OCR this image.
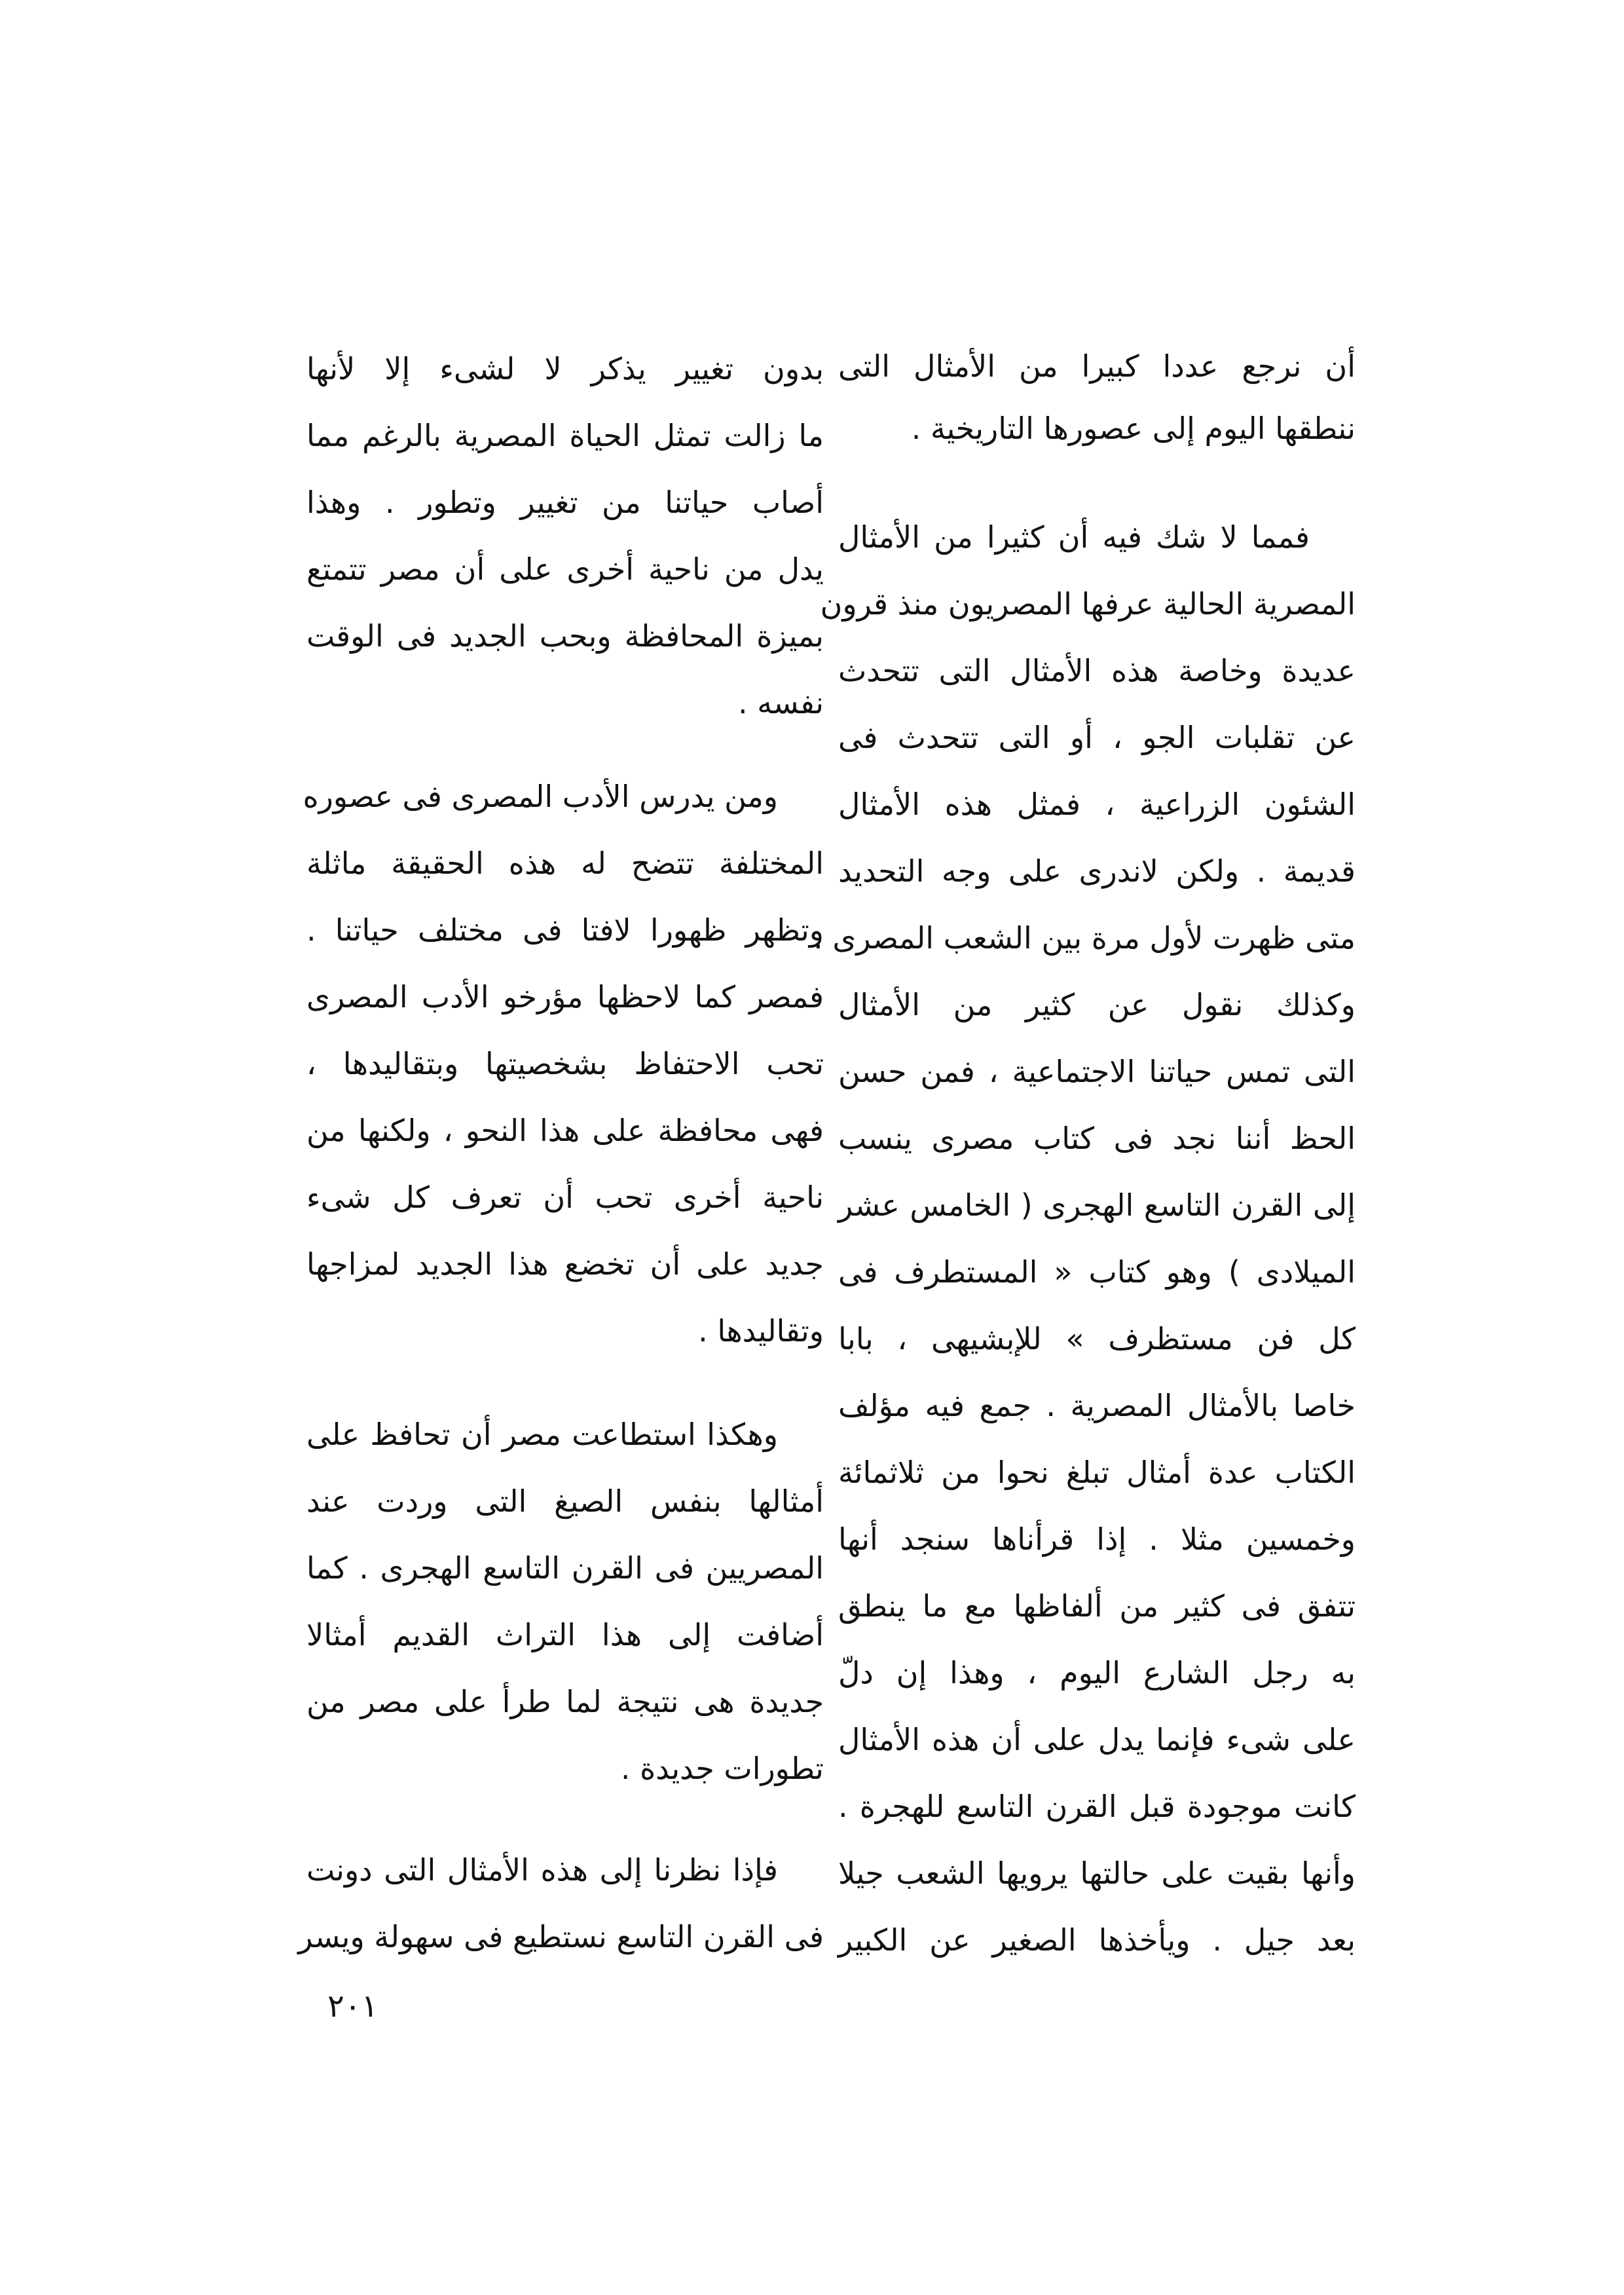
أن نرجع عددا كبيرا من الأمثال التى
ننطقها اليوم إلى عصورها التاريخية .
فمما لا شك فيه أن كثيرا من الأمثال
المصرية الحالية عرفها المصريون منذ قرون
عديدة وخاصة هذه الأمثال التى تتحدث
عن تقلبات الجو ، أو التى تتحدث فى
الشئون الزراعية ، فمثل هذه الأمثال
قديمة . ولكن لاندرى على وجه التحديد
متى ظهرت لأول مرة بين الشعب المصرى .
وكذلك نقول عن كثير من الأمثال
التى تمس حياتنا الاجتماعية ، فمن حسن
الحظ أننا نجد فى كتاب مصرى ينسب
إلى القرن التاسع الهجرى ( الخامس عشر
الميلادى ) وهو كتاب « المستطرف فى
كل فن مستظرف » للإبشيهى ، بابا
خاصا بالأمثال المصرية . جمع فيه مؤلف
الكتاب عدة أمثال تبلغ نحوا من ثلاثمائة
وخمسين مثلا . إذا قرأناها سنجد أنها
تتفق فى كثير من ألفاظها مع ما ينطق
به رجل الشارع اليوم ، وهذا إن دلّ
على شىء فإنما يدل على أن هذه الأمثال
كانت موجودة قبل القرن التاسع للهجرة .
وأنها بقيت على حالتها يرويها الشعب جيلا
بعد جيل . ويأخذها الصغير عن الكبير
بدون تغيير يذكر لا لشىء إلا لأنها
ما زالت تمثل الحياة المصرية بالرغم مما
أصاب حياتنا من تغيير وتطور . وهذا
يدل من ناحية أخرى على أن مصر تتمتع
بميزة المحافظة وبحب الجديد فى الوقت
نفسه .
ومن يدرس الأدب المصرى فى عصوره
المختلفة تتضح له هذه الحقيقة ماثلة
وتظهر ظهورا لافتا فى مختلف حياتنا .
فمصر كما لاحظها مؤرخو الأدب المصرى
تحب الاحتفاظ بشخصيتها وبتقاليدها ،
فهى محافظة على هذا النحو ، ولكنها من
ناحية أخرى تحب أن تعرف كل شىء
جديد على أن تخضع هذا الجديد لمزاجها
وتقاليدها .
وهكذا استطاعت مصر أن تحافظ على
أمثالها بنفس الصيغ التى وردت عند
المصريين فى القرن التاسع الهجرى . كما
أضافت إلى هذا التراث القديم أمثالا
جديدة هى نتيجة لما طرأ على مصر من
تطورات جديدة .
فإذا نظرنا إلى هذه الأمثال التى دونت
فى القرن التاسع نستطيع فى سهولة ويسر
٢٠١
